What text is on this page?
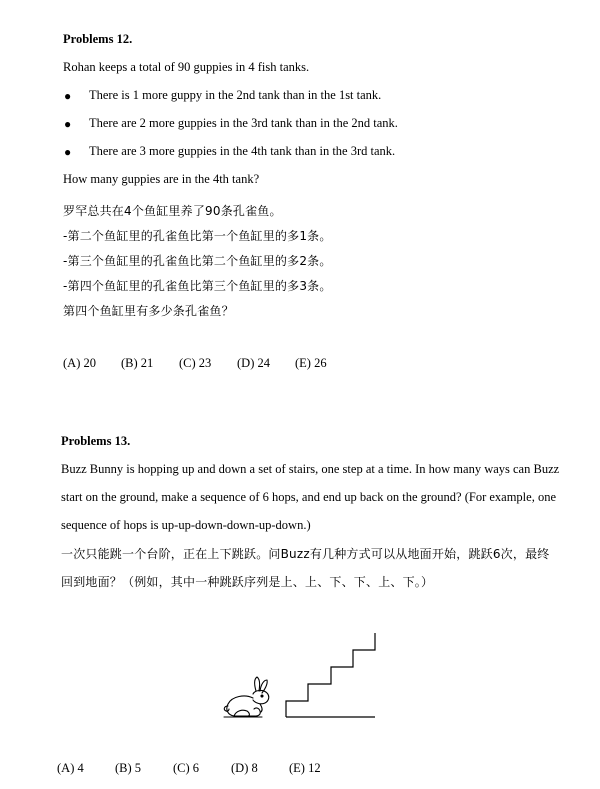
Problems 12.
Rohan keeps a total of 90 guppies in 4 fish tanks.
● There is 1 more guppy in the 2nd tank than in the 1st tank.
● There are 2 more guppies in the 3rd tank than in the 2nd tank.
● There are 3 more guppies in the 4th tank than in the 3rd tank.
How many guppies are in the 4th tank?
罗罕总共在4个鱼缸里养了90条孔雀鱼。
-第二个鱼缸里的孔雀鱼比第一个鱼缸里的多1条。
-第三个鱼缸里的孔雀鱼比第二个鱼缸里的多2条。
-第四个鱼缸里的孔雀鱼比第三个鱼缸里的多3条。
第四个鱼缸里有多少条孔雀鱼？
(A) 20 (B) 21 (C) 23 (D) 24 (E) 26
Problems 13.
Buzz Bunny is hopping up and down a set of stairs, one step at a time. In how many ways can Buzz
start on the ground, make a sequence of 6 hops, and end up back on the ground? (For example, one
sequence of hops is up-up-down-down-up-down.)
一次只能跳一个台阶，正在上下跳跃。问Buzz有几种方式可以从地面开始，跳跃6次，最终
回到地面？（例如，其中一种跳跃序列是上、上、下、下、上、下。）
(A) 4	(B) 5	(C) 6	(D) 8	(E) 12
